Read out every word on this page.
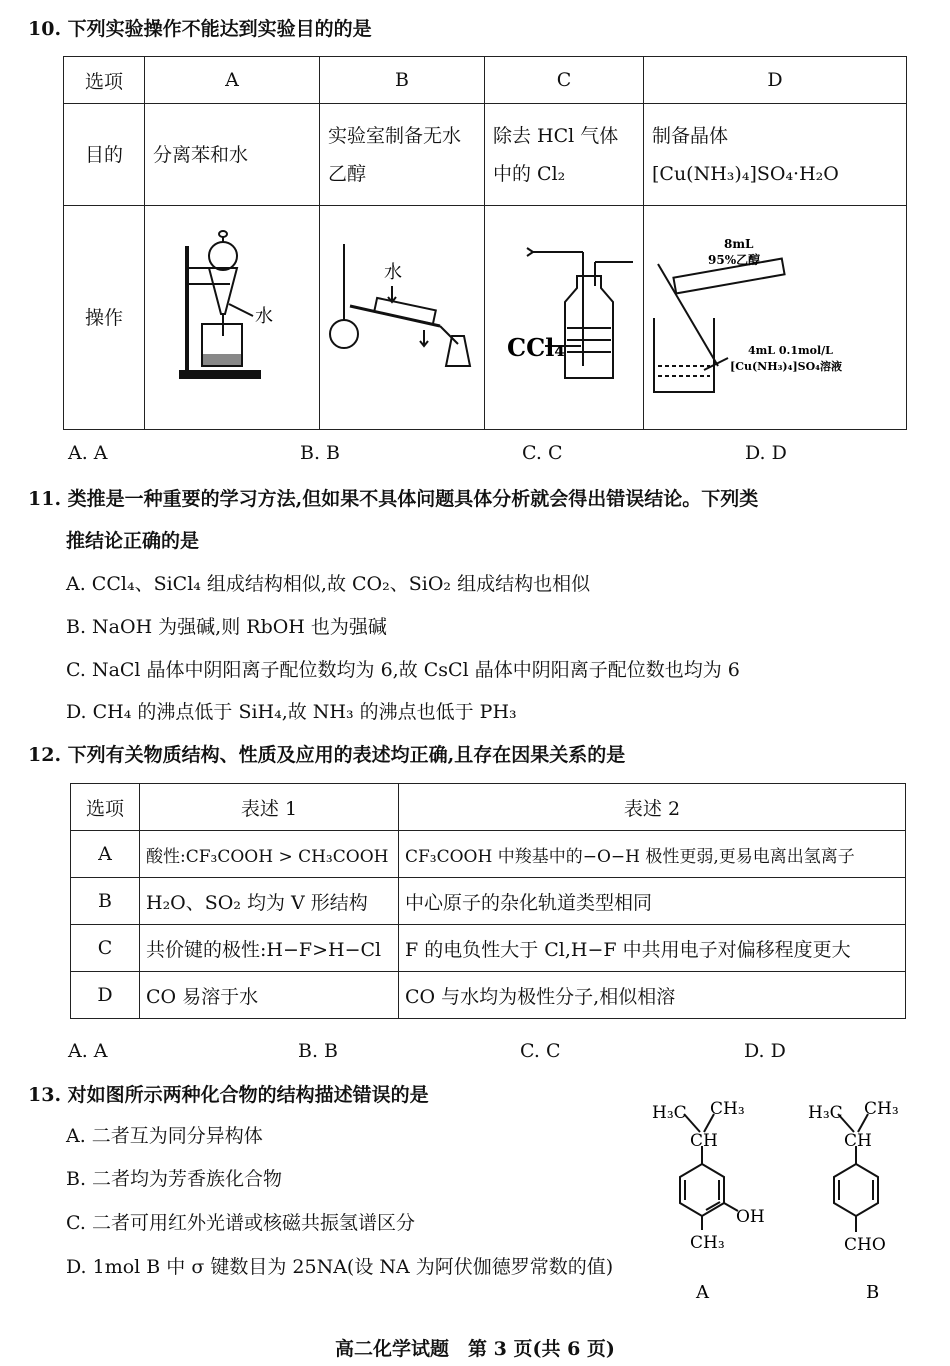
10. 下列实验操作不能达到实验目的的是
选项	A	B	C	D
目的	分离苯和水	实验室制备无水乙醇	除去 HCl 气体中的 Cl₂	制备晶体 [Cu(NH₃)₄]SO₄·H₂O
操作	水	水	CCl₄	8mL
95%乙醇
4mL 0.1mol/L
[Cu(NH₃)₄]SO₄溶液
A. A	B. B	C. C	D. D
11. 类推是一种重要的学习方法,但如果不具体问题具体分析就会得出错误结论。下列类
推结论正确的是
A. CCl₄、SiCl₄ 组成结构相似,故 CO₂、SiO₂ 组成结构也相似
B. NaOH 为强碱,则 RbOH 也为强碱
C. NaCl 晶体中阴阳离子配位数均为 6,故 CsCl 晶体中阴阳离子配位数也均为 6
D. CH₄ 的沸点低于 SiH₄,故 NH₃ 的沸点也低于 PH₃
12. 下列有关物质结构、性质及应用的表述均正确,且存在因果关系的是
选项	表述 1	表述 2
A	酸性:CF₃COOH > CH₃COOH	CF₃COOH 中羧基中的−O−H 极性更弱,更易电离出氢离子
B	H₂O、SO₂ 均为 V 形结构	中心原子的杂化轨道类型相同
C	共价键的极性:H−F>H−Cl	F 的电负性大于 Cl,H−F 中共用电子对偏移程度更大
D	CO 易溶于水	CO 与水均为极性分子,相似相溶
A. A	B. B	C. C	D. D
13. 对如图所示两种化合物的结构描述错误的是
A. 二者互为同分异构体
B. 二者均为芳香族化合物
C. 二者可用红外光谱或核磁共振氢谱区分
D. 1mol B 中 σ 键数目为 25NA(设 NA 为阿伏伽德罗常数的值)
H₃C CH₃
CH
OH
CH₃
A
H₃C CH₃
CH
CHO
B
高二化学试题　第 3 页(共 6 页)
